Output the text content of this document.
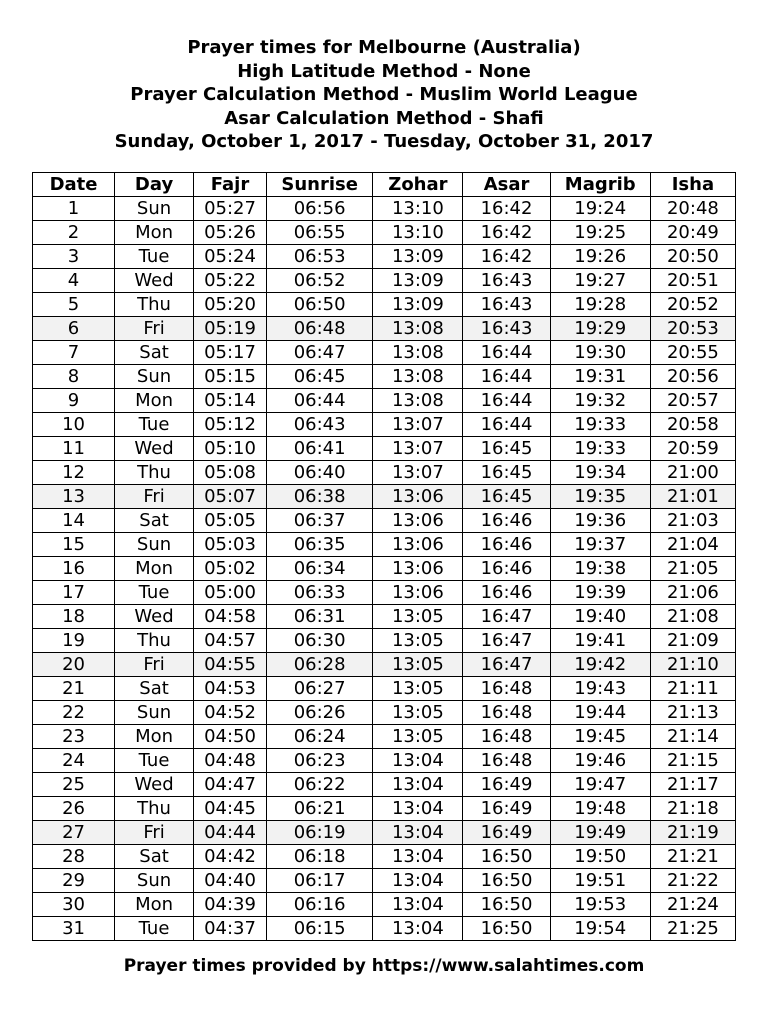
Prayer times for Melbourne (Australia)
High Latitude Method - None
Prayer Calculation Method - Muslim World League
Asar Calculation Method - Shafi
Sunday, October 1, 2017 - Tuesday, October 31, 2017
Date	Day	Fajr	Sunrise	Zohar	Asar	Magrib	Isha
1	Sun	05:27	06:56	13:10	16:42	19:24	20:48
2	Mon	05:26	06:55	13:10	16:42	19:25	20:49
3	Tue	05:24	06:53	13:09	16:42	19:26	20:50
4	Wed	05:22	06:52	13:09	16:43	19:27	20:51
5	Thu	05:20	06:50	13:09	16:43	19:28	20:52
6	Fri	05:19	06:48	13:08	16:43	19:29	20:53
7	Sat	05:17	06:47	13:08	16:44	19:30	20:55
8	Sun	05:15	06:45	13:08	16:44	19:31	20:56
9	Mon	05:14	06:44	13:08	16:44	19:32	20:57
10	Tue	05:12	06:43	13:07	16:44	19:33	20:58
11	Wed	05:10	06:41	13:07	16:45	19:33	20:59
12	Thu	05:08	06:40	13:07	16:45	19:34	21:00
13	Fri	05:07	06:38	13:06	16:45	19:35	21:01
14	Sat	05:05	06:37	13:06	16:46	19:36	21:03
15	Sun	05:03	06:35	13:06	16:46	19:37	21:04
16	Mon	05:02	06:34	13:06	16:46	19:38	21:05
17	Tue	05:00	06:33	13:06	16:46	19:39	21:06
18	Wed	04:58	06:31	13:05	16:47	19:40	21:08
19	Thu	04:57	06:30	13:05	16:47	19:41	21:09
20	Fri	04:55	06:28	13:05	16:47	19:42	21:10
21	Sat	04:53	06:27	13:05	16:48	19:43	21:11
22	Sun	04:52	06:26	13:05	16:48	19:44	21:13
23	Mon	04:50	06:24	13:05	16:48	19:45	21:14
24	Tue	04:48	06:23	13:04	16:48	19:46	21:15
25	Wed	04:47	06:22	13:04	16:49	19:47	21:17
26	Thu	04:45	06:21	13:04	16:49	19:48	21:18
27	Fri	04:44	06:19	13:04	16:49	19:49	21:19
28	Sat	04:42	06:18	13:04	16:50	19:50	21:21
29	Sun	04:40	06:17	13:04	16:50	19:51	21:22
30	Mon	04:39	06:16	13:04	16:50	19:53	21:24
31	Tue	04:37	06:15	13:04	16:50	19:54	21:25
Prayer times provided by https://www.salahtimes.com
